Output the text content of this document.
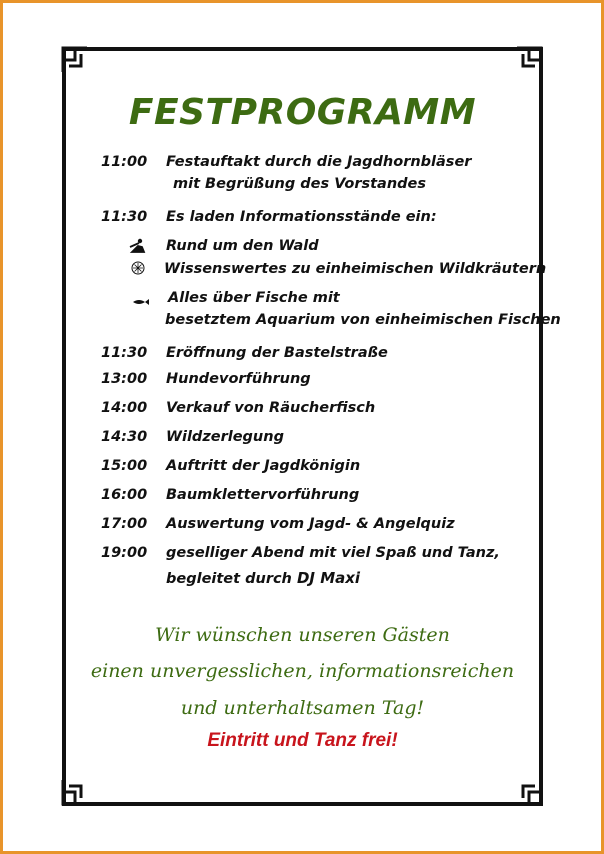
FESTPROGRAMM
11:00 Festauftakt durch die Jagdhornbläser
mit Begrüßung des Vorstandes
11:30 Es laden Informationsstände ein:
Rund um den Wald
Wissenswertes zu einheimischen Wildkräutern
Alles über Fische mit
besetztem Aquarium von einheimischen Fischen
11:30 Eröffnung der Bastelstraße
13:00 Hundevorführung
14:00 Verkauf von Räucherfisch
14:30 Wildzerlegung
15:00 Auftritt der Jagdkönigin
16:00 Baumklettervorführung
17:00 Auswertung vom Jagd- & Angelquiz
19:00 geselliger Abend mit viel Spaß und Tanz,
begleitet durch DJ Maxi
Wir wünschen unseren Gästen
einen unvergesslichen, informationsreichen
und unterhaltsamen Tag!
Eintritt und Tanz frei!
